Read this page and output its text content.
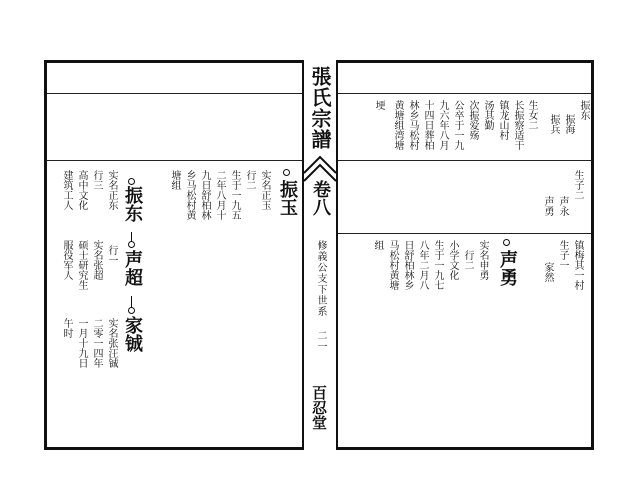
張氏宗譜
卷八
修義公支下世系
二一
百忍堂
振东
振海
振兵
生女二
长振察适干
镇龙山村
汤其勤
次振爱殇
公卒于一九
九六年八月
十四日葬柏
林乡马松村
黄塘组湾塘
埂
生子二
声永
声勇
镇梅其一村
生子一
家然
声勇
实名申勇
行二
小学文化
生于一九七
八年二月八
日舒柏林乡
马松村黄塘
组
振玉
实名正玉
行二
生于一九五
二年八月十
九日舒柏林
乡马松村黄
塘组
振东
声超
家铖
实名正东
行三
高中文化
建筑工人
行一
实名张超
硕士研究生
服役军人
实名张汪铖
二零一四年
一月十九日
午时
